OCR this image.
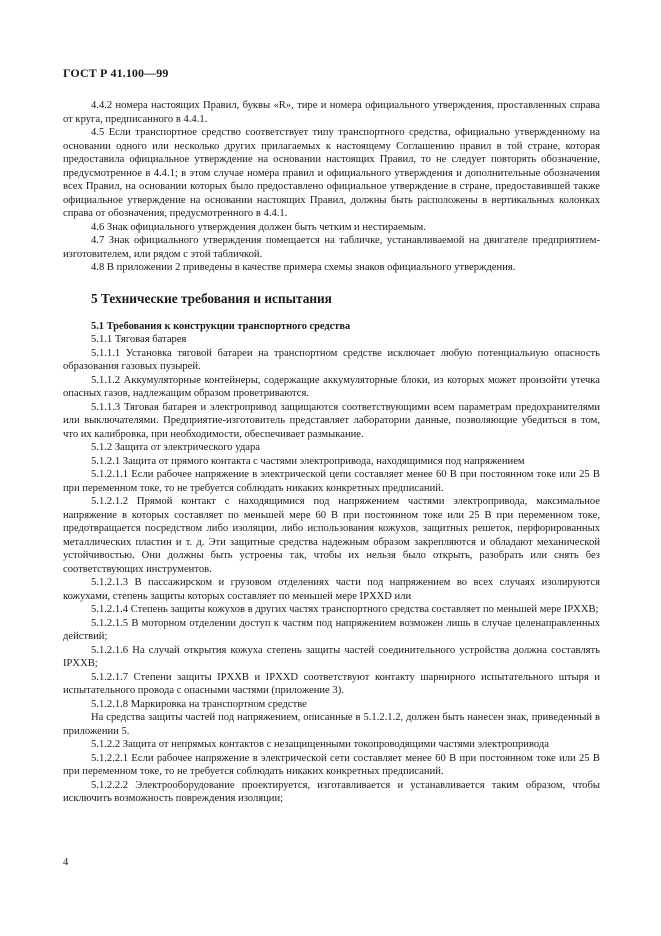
ГОСТ Р 41.100—99

4.4.2 номера настоящих Правил, буквы «R», тире и номера официального утверждения, проставленных справа от круга, предписанного в 4.4.1.

4.5 Если транспортное средство соответствует типу транспортного средства, официально утвержденному на основании одного или несколько других прилагаемых к настоящему Соглашению правил в той стране, которая предоставила официальное утверждение на основании настоящих Правил, то не следует повторять обозначение, предусмотренное в 4.4.1; в этом случае номера правил и официального утверждения и дополнительные обозначения всех Правил, на основании которых было предоставлено официальное утверждение в стране, предоставившей также официальное утверждение на основании настоящих Правил, должны быть расположены в вертикальных колонках справа от обозначения, предусмотренного в 4.4.1.

4.6 Знак официального утверждения должен быть четким и нестираемым.

4.7 Знак официального утверждения помещается на табличке, устанавливаемой на двигателе предприятием-изготовителем, или рядом с этой табличкой.

4.8 В приложении 2 приведены в качестве примера схемы знаков официального утверждения.

5 Технические требования и испытания

5.1 Требования к конструкции транспортного средства

5.1.1 Тяговая батарея

5.1.1.1 Установка тяговой батареи на транспортном средстве исключает любую потенциальную опасность образования газовых пузырей.

5.1.1.2 Аккумуляторные контейнеры, содержащие аккумуляторные блоки, из которых может произойти утечка опасных газов, надлежащим образом проветриваются.

5.1.1.3 Тяговая батарея и электропривод защищаются соответствующими всем параметрам предохранителями или выключателями. Предприятие-изготовитель представляет лаборатории данные, позволяющие убедиться в том, что их калибровка, при необходимости, обеспечивает размыкание.

5.1.2 Защита от электрического удара

5.1.2.1 Защита от прямого контакта с частями электропривода, находящимися под напряжением

5.1.2.1.1 Если рабочее напряжение в электрической цепи составляет менее 60 В при постоянном токе или 25 В при переменном токе, то не требуется соблюдать никаких конкретных предписаний.

5.1.2.1.2 Прямой контакт с находящимися под напряжением частями электропривода, максимальное напряжение в которых составляет по меньшей мере 60 В при постоянном токе или 25 В при переменном токе, предотвращается посредством либо изоляции, либо использования кожухов, защитных решеток, перфорированных металлических пластин и т. д. Эти защитные средства надежным образом закрепляются и обладают механической устойчивостью. Они должны быть устроены так, чтобы их нельзя было открыть, разобрать или снять без соответствующих инструментов.

5.1.2.1.3 В пассажирском и грузовом отделениях части под напряжением во всех случаях изолируются кожухами, степень защиты которых составляет по меньшей мере IPXXD или

5.1.2.1.4 Степень защиты кожухов в других частях транспортного средства составляет по меньшей мере IPXXB;

5.1.2.1.5 В моторном отделении доступ к частям под напряжением возможен лишь в случае целенаправленных действий;

5.1.2.1.6 На случай открытия кожуха степень защиты частей соединительного устройства должна составлять IPXXB;

5.1.2.1.7 Степени защиты IPXXB и IPXXD соответствуют контакту шарнирного испытательного штыря и испытательного провода с опасными частями (приложение 3).

5.1.2.1.8 Маркировка на транспортном средстве

На средства защиты частей под напряжением, описанные в 5.1.2.1.2, должен быть нанесен знак, приведенный в приложении 5.

5.1.2.2 Защита от непрямых контактов с незащищенными токопроводящими частями электропривода

5.1.2.2.1 Если рабочее напряжение в электрической сети составляет менее 60 В при постоянном токе или 25 В при переменном токе, то не требуется соблюдать никаких конкретных предписаний.

5.1.2.2.2 Электрооборудование проектируется, изготавливается и устанавливается таким образом, чтобы исключить возможность повреждения изоляции;

4
